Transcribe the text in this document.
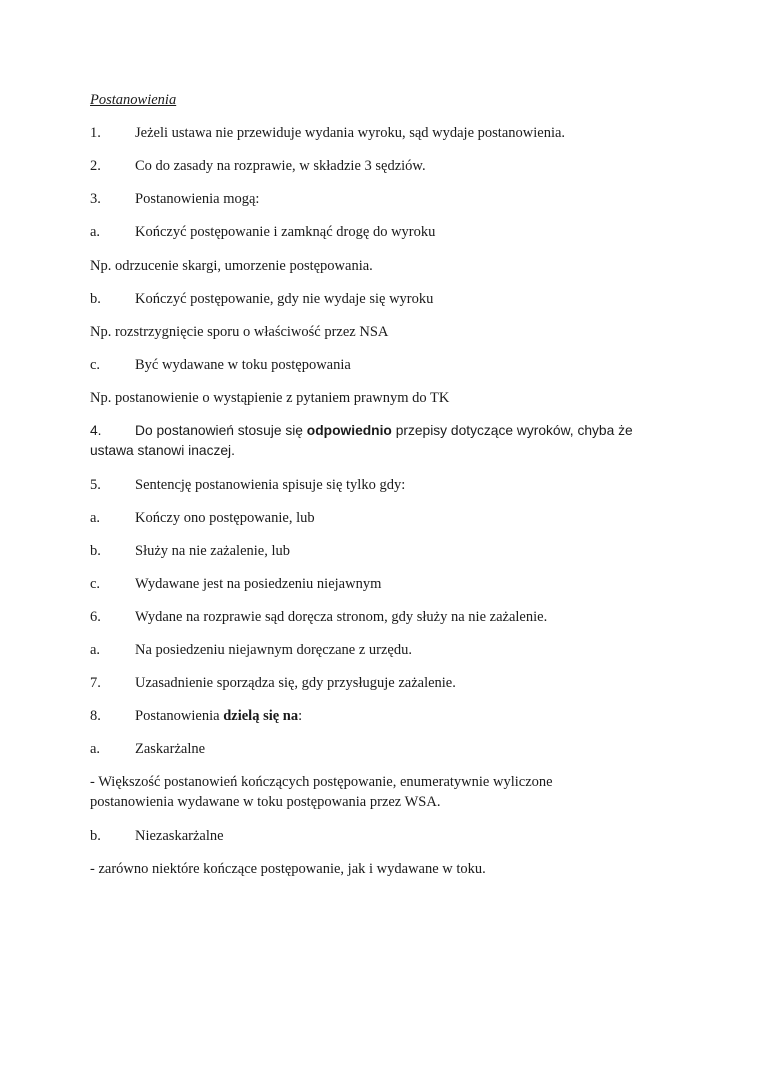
Postanowienia

1. Jeżeli ustawa nie przewiduje wydania wyroku, sąd wydaje postanowienia.

2. Co do zasady na rozprawie, w składzie 3 sędziów.

3. Postanowienia mogą:

a. Kończyć postępowanie i zamknąć drogę do wyroku

Np. odrzucenie skargi, umorzenie postępowania.

b. Kończyć postępowanie, gdy nie wydaje się wyroku

Np. rozstrzygnięcie sporu o właściwość przez NSA

c. Być wydawane w toku postępowania

Np. postanowienie o wystąpienie z pytaniem prawnym do TK

4. Do postanowień stosuje się odpowiednio przepisy dotyczące wyroków, chyba że

ustawa stanowi inaczej.

5. Sentencję postanowienia spisuje się tylko gdy:

a. Kończy ono postępowanie, lub

b. Służy na nie zażalenie, lub

c. Wydawane jest na posiedzeniu niejawnym

6. Wydane na rozprawie sąd doręcza stronom, gdy służy na nie zażalenie.

a. Na posiedzeniu niejawnym doręczane z urzędu.

7. Uzasadnienie sporządza się, gdy przysługuje zażalenie.

8. Postanowienia dzielą się na:

a. Zaskarżalne

- Większość postanowień kończących postępowanie, enumeratywnie wyliczone

postanowienia wydawane w toku postępowania przez WSA.

b. Niezaskarżalne

- zarówno niektóre kończące postępowanie, jak i wydawane w toku.
